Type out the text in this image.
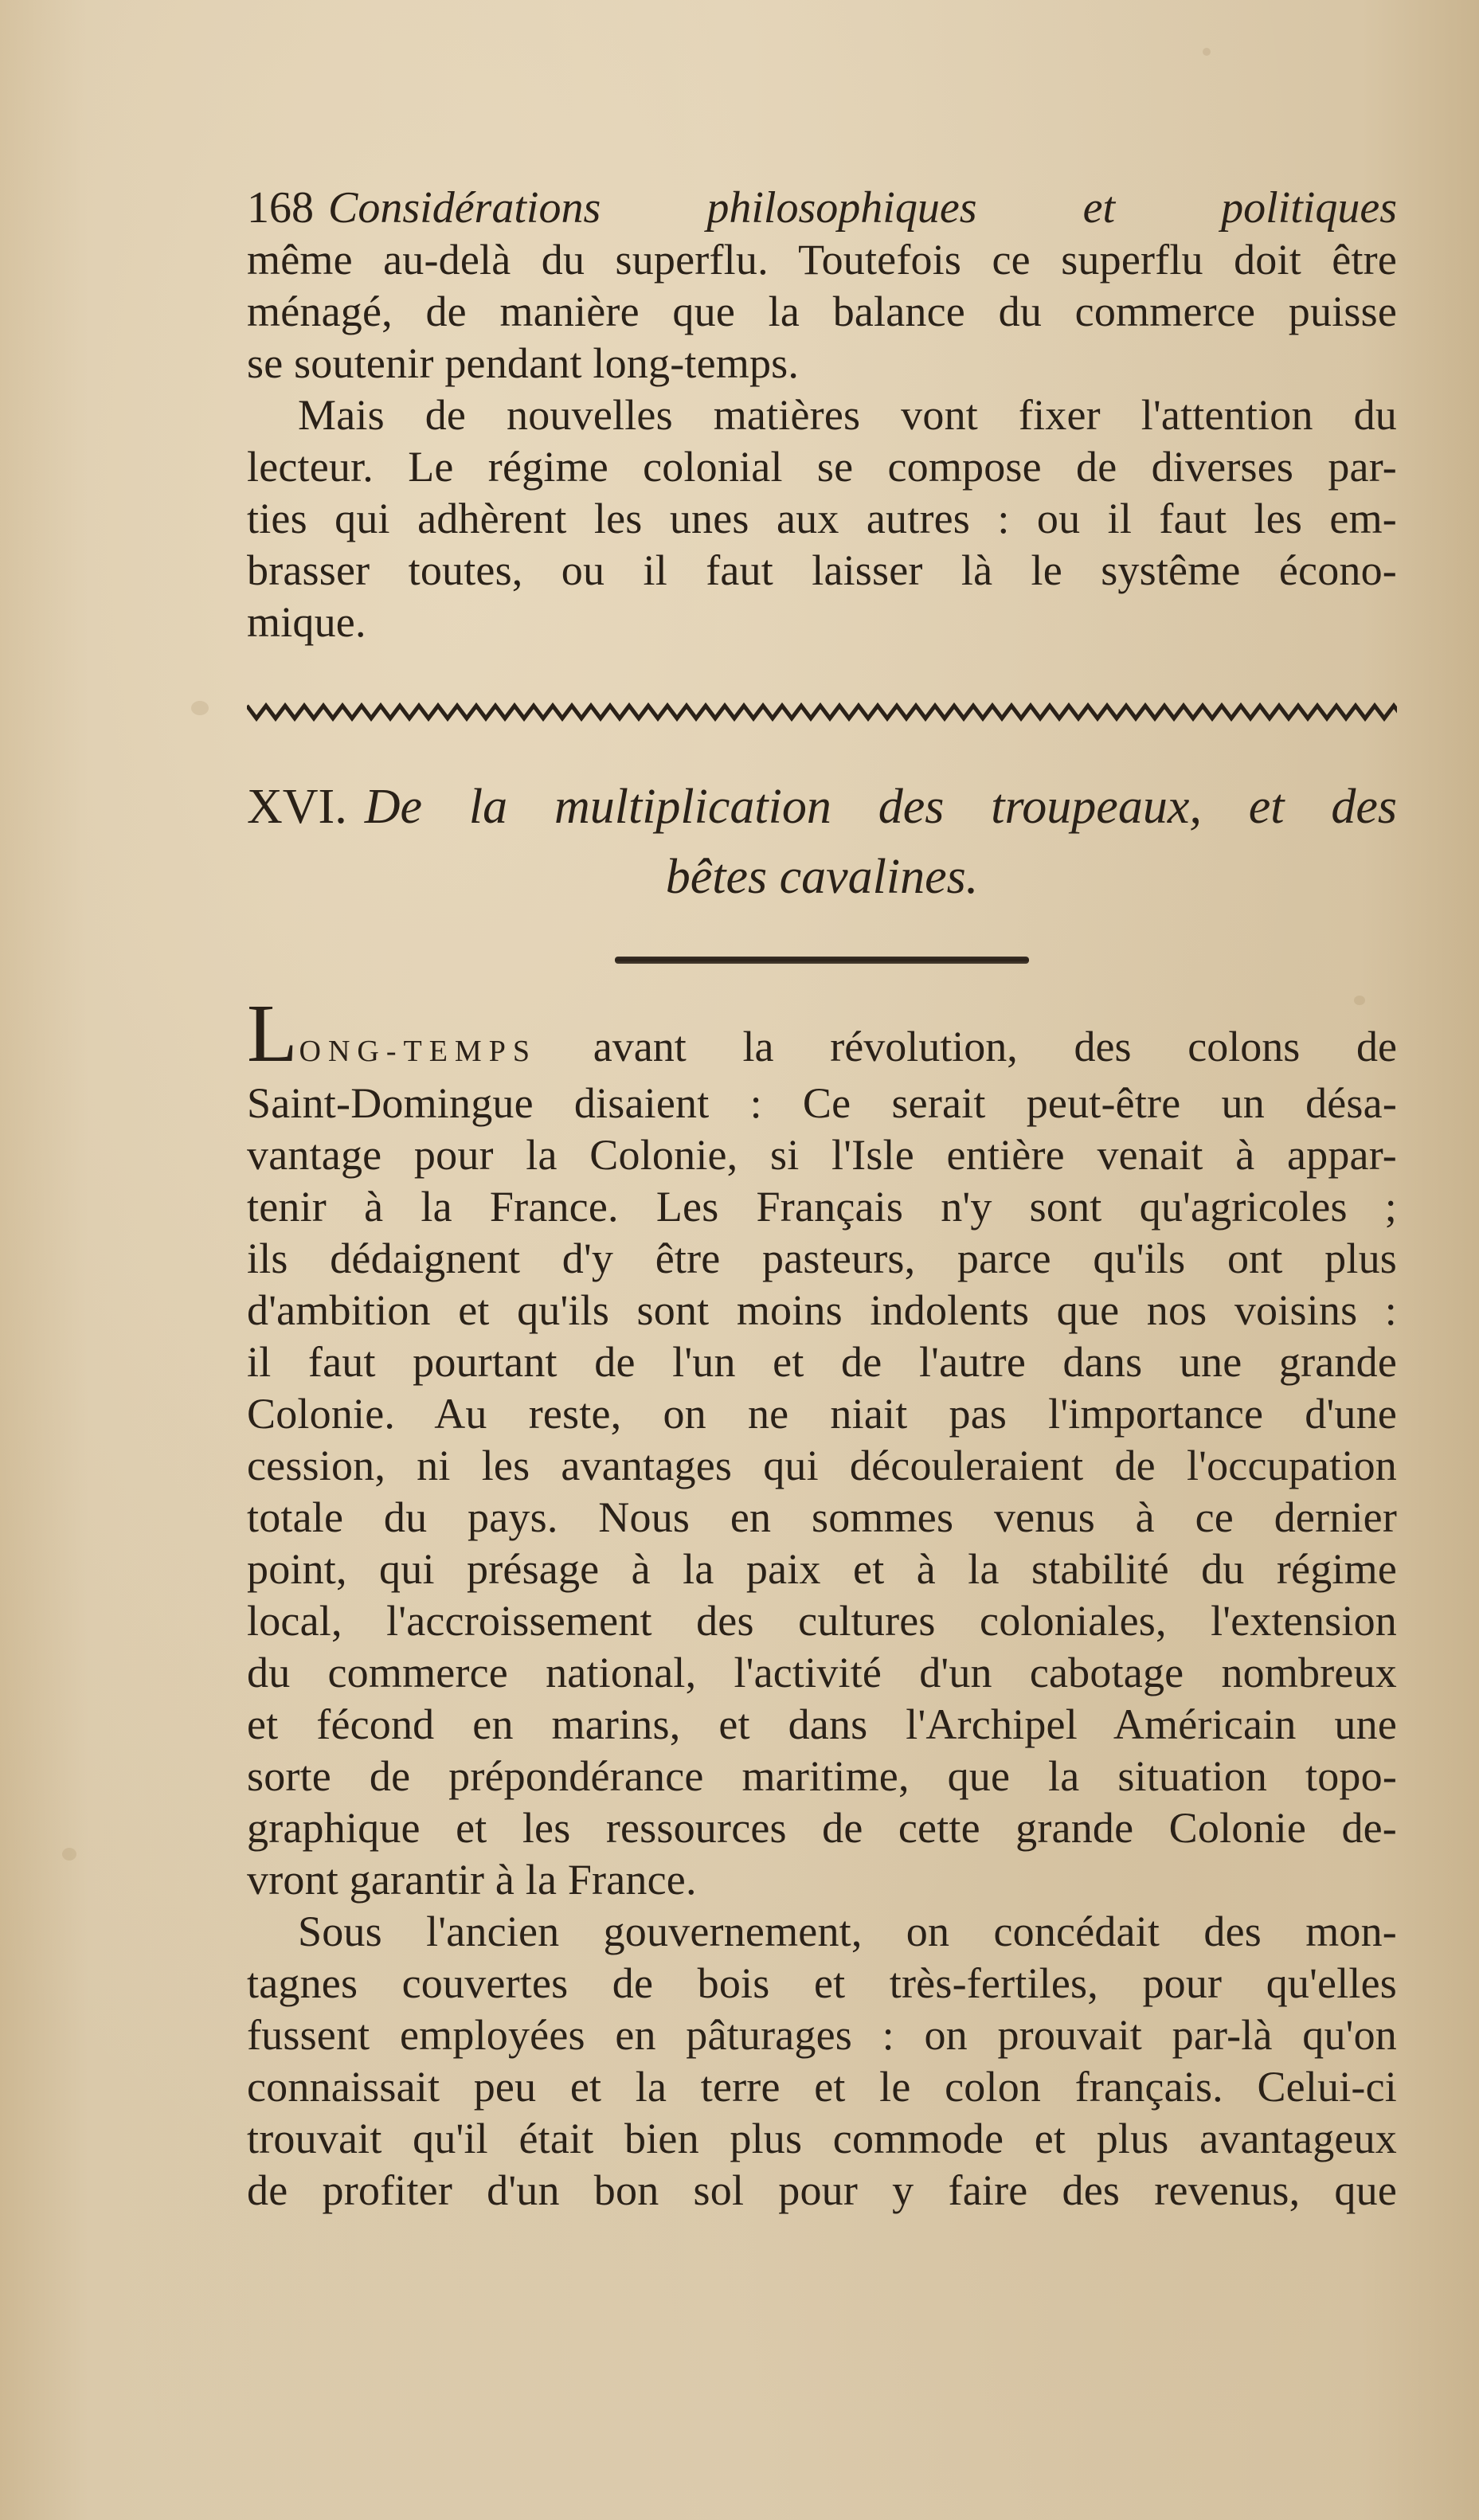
168 Considérations philosophiques et politiques
même au-delà du superflu. Toutefois ce superflu doit être
ménagé, de manière que la balance du commerce puisse
se soutenir pendant long-temps.
Mais de nouvelles matières vont fixer l'attention du
lecteur. Le régime colonial se compose de diverses par-
ties qui adhèrent les unes aux autres : ou il faut les em-
brasser toutes, ou il faut laisser là le systême écono-
mique.
XVI. De la multiplication des troupeaux, et des
bêtes cavalines.
LONG-TEMPS avant la révolution, des colons de
Saint-Domingue disaient : Ce serait peut-être un désa-
vantage pour la Colonie, si l'Isle entière venait à appar-
tenir à la France. Les Français n'y sont qu'agricoles ;
ils dédaignent d'y être pasteurs, parce qu'ils ont plus
d'ambition et qu'ils sont moins indolents que nos voisins :
il faut pourtant de l'un et de l'autre dans une grande
Colonie. Au reste, on ne niait pas l'importance d'une
cession, ni les avantages qui découleraient de l'occupation
totale du pays. Nous en sommes venus à ce dernier
point, qui présage à la paix et à la stabilité du régime
local, l'accroissement des cultures coloniales, l'extension
du commerce national, l'activité d'un cabotage nombreux
et fécond en marins, et dans l'Archipel Américain une
sorte de prépondérance maritime, que la situation topo-
graphique et les ressources de cette grande Colonie de-
vront garantir à la France.
Sous l'ancien gouvernement, on concédait des mon-
tagnes couvertes de bois et très-fertiles, pour qu'elles
fussent employées en pâturages : on prouvait par-là qu'on
connaissait peu et la terre et le colon français. Celui-ci
trouvait qu'il était bien plus commode et plus avantageux
de profiter d'un bon sol pour y faire des revenus, que
